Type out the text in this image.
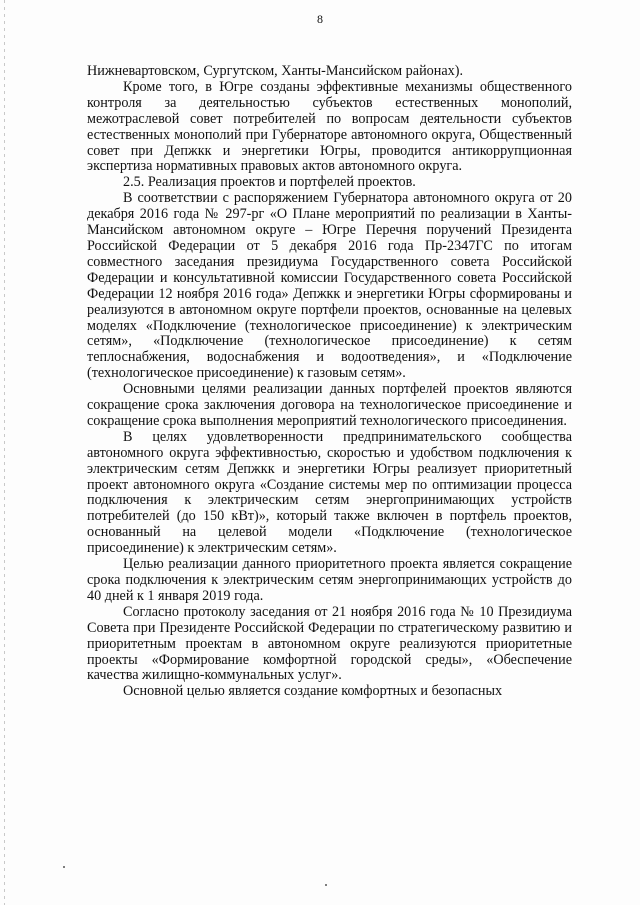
8

Нижневартовском, Сургутском, Ханты-Мансийском районах).

Кроме того, в Югре созданы эффективные механизмы общественного контроля за деятельностью субъектов естественных монополий, межотраслевой совет потребителей по вопросам деятельности субъектов естественных монополий при Губернаторе автономного округа, Общественный совет при Депжкк и энергетики Югры, проводится антикоррупционная экспертиза нормативных правовых актов автономного округа.

2.5. Реализация проектов и портфелей проектов.

В соответствии с распоряжением Губернатора автономного округа от 20 декабря 2016 года № 297-рг «О Плане мероприятий по реализации в Ханты-Мансийском автономном округе – Югре Перечня поручений Президента Российской Федерации от 5 декабря 2016 года Пр-2347ГС по итогам совместного заседания президиума Государственного совета Российской Федерации и консультативной комиссии Государственного совета Российской Федерации 12 ноября 2016 года» Депжкк и энергетики Югры сформированы и реализуются в автономном округе портфели проектов, основанные на целевых моделях «Подключение (технологическое присоединение) к электрическим сетям», «Подключение (технологическое присоединение) к сетям теплоснабжения, водоснабжения и водоотведения», и «Подключение (технологическое присоединение) к газовым сетям».

Основными целями реализации данных портфелей проектов являются сокращение срока заключения договора на технологическое присоединение и сокращение срока выполнения мероприятий технологического присоединения.

В целях удовлетворенности предпринимательского сообщества автономного округа эффективностью, скоростью и удобством подключения к электрическим сетям Депжкк и энергетики Югры реализует приоритетный проект автономного округа «Создание системы мер по оптимизации процесса подключения к электрическим сетям энергопринимающих устройств потребителей (до 150 кВт)», который также включен в портфель проектов, основанный на целевой модели «Подключение (технологическое присоединение) к электрическим сетям».

Целью реализации данного приоритетного проекта является сокращение срока подключения к электрическим сетям энергопринимающих устройств до 40 дней к 1 января 2019 года.

Согласно протоколу заседания от 21 ноября 2016 года № 10 Президиума Совета при Президенте Российской Федерации по стратегическому развитию и приоритетным проектам в автономном округе реализуются приоритетные проекты «Формирование комфортной городской среды», «Обеспечение качества жилищно-коммунальных услуг».

Основной целью является создание комфортных и безопасных
